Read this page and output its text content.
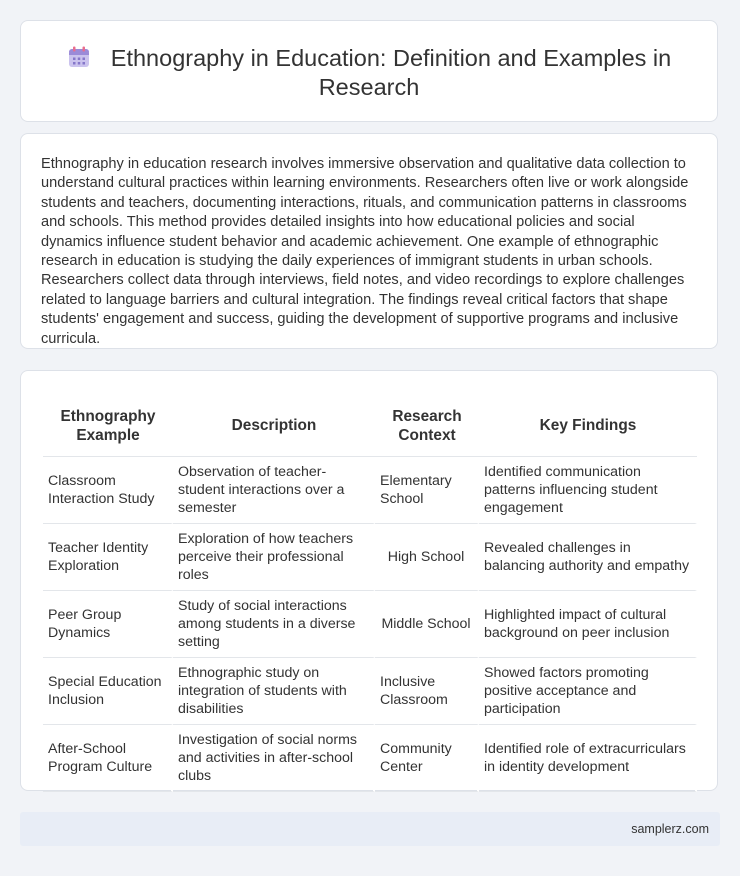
Ethnography in Education: Definition and Examples in Research

Ethnography in education research involves immersive observation and qualitative data collection to understand cultural practices within learning environments. Researchers often live or work alongside students and teachers, documenting interactions, rituals, and communication patterns in classrooms and schools. This method provides detailed insights into how educational policies and social dynamics influence student behavior and academic achievement. One example of ethnographic research in education is studying the daily experiences of immigrant students in urban schools. Researchers collect data through interviews, field notes, and video recordings to explore challenges related to language barriers and cultural integration. The findings reveal critical factors that shape students' engagement and success, guiding the development of supportive programs and inclusive curricula.

Ethnography Example	Description	Research Context	Key Findings
Classroom Interaction Study	Observation of teacher-student interactions over a semester	Elementary School	Identified communication patterns influencing student engagement
Teacher Identity Exploration	Exploration of how teachers perceive their professional roles	High School	Revealed challenges in balancing authority and empathy
Peer Group Dynamics	Study of social interactions among students in a diverse setting	Middle School	Highlighted impact of cultural background on peer inclusion
Special Education Inclusion	Ethnographic study on integration of students with disabilities	Inclusive Classroom	Showed factors promoting positive acceptance and participation
After-School Program Culture	Investigation of social norms and activities in after-school clubs	Community Center	Identified role of extracurriculars in identity development
samplerz.com
